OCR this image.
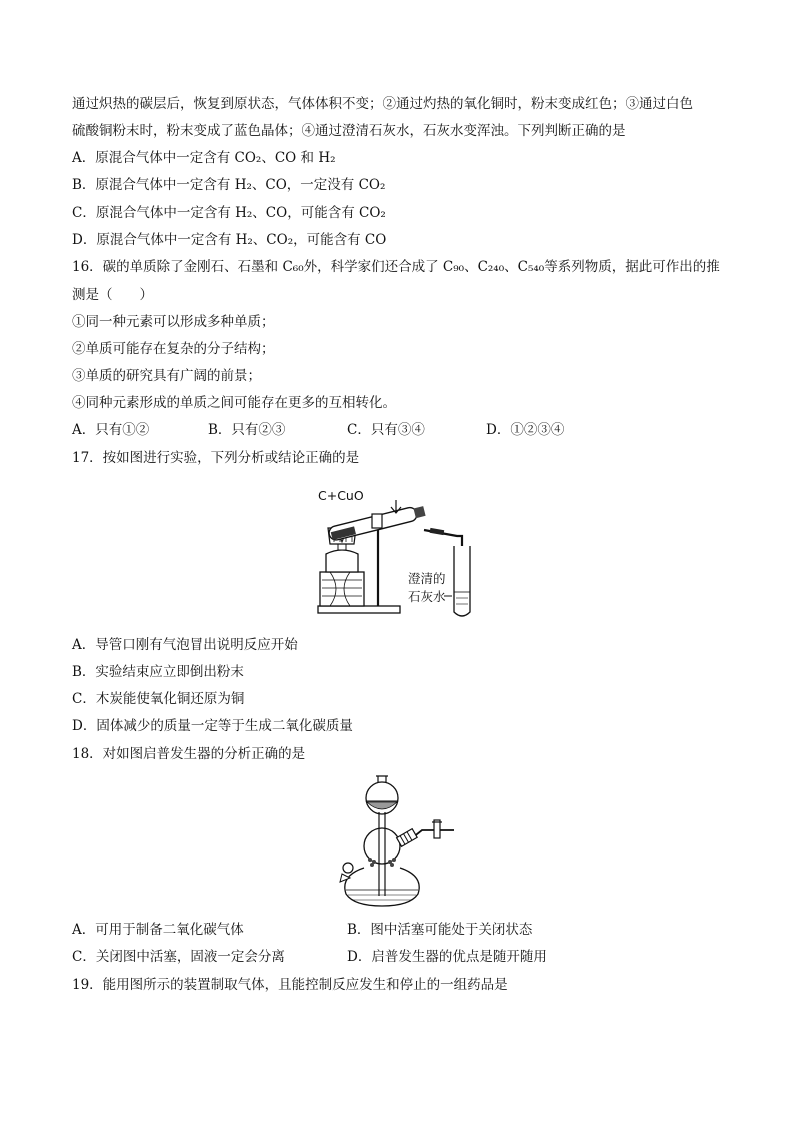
通过炽热的碳层后，恢复到原状态，气体体积不变；②通过灼热的氧化铜时，粉末变成红色；③通过白色
硫酸铜粉末时，粉末变成了蓝色晶体；④通过澄清石灰水，石灰水变浑浊。下列判断正确的是
A．原混合气体中一定含有 CO₂、CO 和 H₂
B．原混合气体中一定含有 H₂、CO，一定没有 CO₂
C．原混合气体中一定含有 H₂、CO，可能含有 CO₂
D．原混合气体中一定含有 H₂、CO₂，可能含有 CO
16．碳的单质除了金刚石、石墨和 C₆₀外，科学家们还合成了 C₉₀、C₂₄₀、C₅₄₀等系列物质，据此可作出的推
测是（　　）
①同一种元素可以形成多种单质；
②单质可能存在复杂的分子结构；
③单质的研究具有广阔的前景；
④同种元素形成的单质之间可能存在更多的互相转化。
A．只有①②	B．只有②③	C．只有③④	D．①②③④
17．按如图进行实验，下列分析或结论正确的是
C+CuO
澄清的
石灰水
A．导管口刚有气泡冒出说明反应开始
B．实验结束应立即倒出粉末
C．木炭能使氧化铜还原为铜
D．固体减少的质量一定等于生成二氧化碳质量
18．对如图启普发生器的分析正确的是
A．可用于制备二氧化碳气体	B．图中活塞可能处于关闭状态
C．关闭图中活塞，固液一定会分离	D．启普发生器的优点是随开随用
19．能用图所示的装置制取气体，且能控制反应发生和停止的一组药品是
